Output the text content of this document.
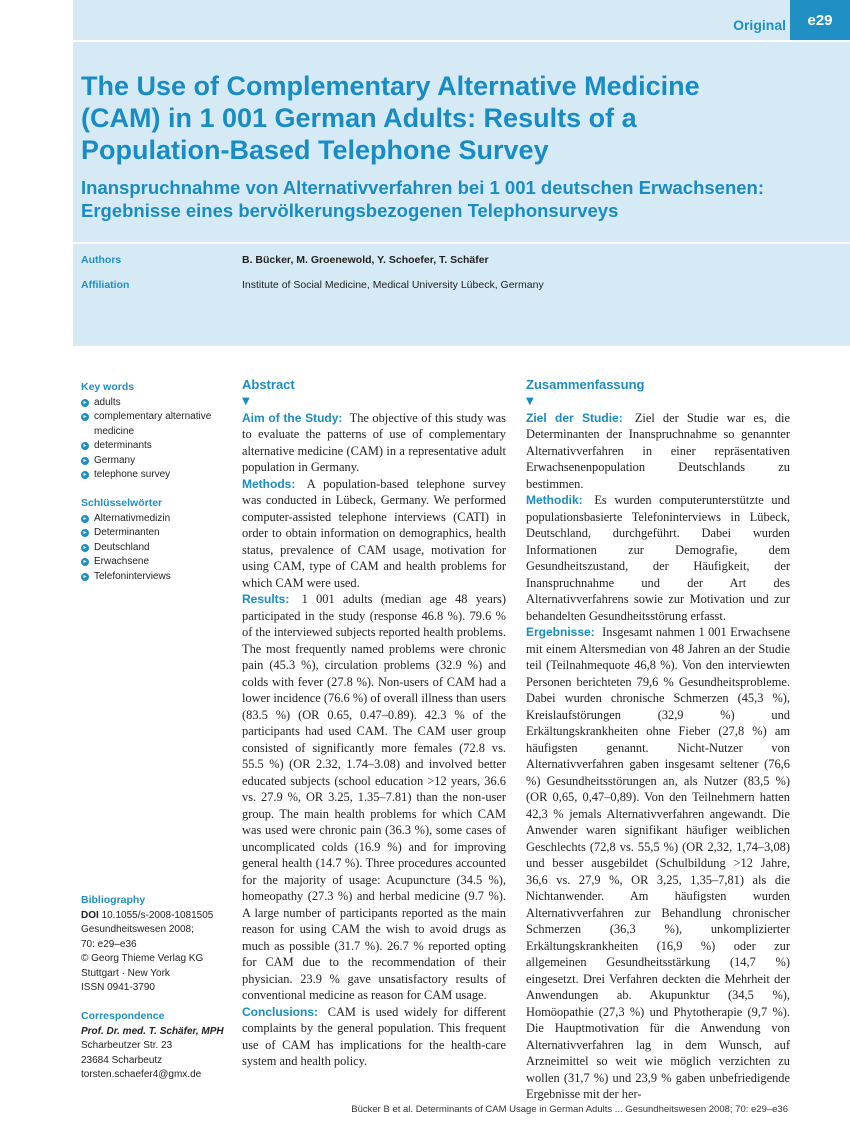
Original	e29
The Use of Complementary Alternative Medicine (CAM) in 1 001 German Adults: Results of a Population-Based Telephone Survey
Inanspruchnahme von Alternativverfahren bei 1 001 deutschen Erwachsenen: Ergebnisse eines bervölkerungsbezogenen Telephonsurveys
Authors	B. Bücker, M. Groenewold, Y. Schoefer, T. Schäfer
Affiliation	Institute of Social Medicine, Medical University Lübeck, Germany
Key words
▸ adults
▸ complementary alternative medicine
▸ determinants
▸ Germany
▸ telephone survey
Schlüsselwörter
▸ Alternativmedizin
▸ Determinanten
▸ Deutschland
▸ Erwachsene
▸ Telefoninterviews
Bibliography
DOI 10.1055/s-2008-1081505
Gesundheitswesen 2008;
70: e29–e36
© Georg Thieme Verlag KG
Stuttgart · New York
ISSN 0941-3790
Correspondence
Prof. Dr. med. T. Schäfer, MPH
Scharbeutzer Str. 23
23684 Scharbeutz
torsten.schaefer4@gmx.de
Abstract
▼

Aim of the Study: The objective of this study was to evaluate the patterns of use of complementary alternative medicine (CAM) in a representative adult population in Germany.

Methods: A population-based telephone survey was conducted in Lübeck, Germany. We performed computer-assisted telephone interviews (CATI) in order to obtain information on demographics, health status, prevalence of CAM usage, motivation for using CAM, type of CAM and health problems for which CAM were used.

Results: 1 001 adults (median age 48 years) participated in the study (response 46.8 %). 79.6 % of the interviewed subjects reported health problems. The most frequently named problems were chronic pain (45.3 %), circulation problems (32.9 %) and colds with fever (27.8 %). Non-users of CAM had a lower incidence (76.6 %) of overall illness than users (83.5 %) (OR 0.65, 0.47–0.89). 42.3 % of the participants had used CAM. The CAM user group consisted of significantly more females (72.8 vs. 55.5 %) (OR 2.32, 1.74–3.08) and involved better educated subjects (school education >12 years, 36.6 vs. 27.9 %, OR 3.25, 1.35–7.81) than the non-user group. The main health problems for which CAM was used were chronic pain (36.3 %), some cases of uncomplicated colds (16.9 %) and for improving general health (14.7 %). Three procedures accounted for the majority of usage: Acupuncture (34.5 %), homeopathy (27.3 %) and herbal medicine (9.7 %). A large number of participants reported as the main reason for using CAM the wish to avoid drugs as much as possible (31.7 %). 26.7 % reported opting for CAM due to the recommendation of their physician. 23.9 % gave unsatisfactory results of conventional medicine as reason for CAM usage.

Conclusions: CAM is used widely for different complaints by the general population. This frequent use of CAM has implications for the health-care system and health policy.

Zusammenfassung
▼

Ziel der Studie: Ziel der Studie war es, die Determinanten der Inanspruchnahme so genannter Alternativverfahren in einer repräsentativen Erwachsenenpopulation Deutschlands zu bestimmen.

Methodik: Es wurden computerunterstützte und populationsbasierte Telefoninterviews in Lübeck, Deutschland, durchgeführt. Dabei wurden Informationen zur Demografie, dem Gesundheitszustand, der Häufigkeit, der Inanspruchnahme und der Art des Alternativverfahrens sowie zur Motivation und zur behandelten Gesundheitsstörung erfasst.

Ergebnisse: Insgesamt nahmen 1 001 Erwachsene mit einem Altersmedian von 48 Jahren an der Studie teil (Teilnahmequote 46,8 %). Von den interviewten Personen berichteten 79,6 % Gesundheitsprobleme. Dabei wurden chronische Schmerzen (45,3 %), Kreislaufstörungen (32,9 %) und Erkältungskrankheiten ohne Fieber (27,8 %) am häufigsten genannt. Nicht-Nutzer von Alternativverfahren gaben insgesamt seltener (76,6 %) Gesundheitsstörungen an, als Nutzer (83,5 %) (OR 0,65, 0,47–0,89). Von den Teilnehmern hatten 42,3 % jemals Alternativverfahren angewandt. Die Anwender waren signifikant häufiger weiblichen Geschlechts (72,8 vs. 55,5 %) (OR 2,32, 1,74–3,08) und besser ausgebildet (Schulbildung >12 Jahre, 36,6 vs. 27,9 %, OR 3,25, 1,35–7,81) als die Nichtanwender. Am häufigsten wurden Alternativverfahren zur Behandlung chronischer Schmerzen (36,3 %), unkomplizierter Erkältungskrankheiten (16,9 %) oder zur allgemeinen Gesundheitsstärkung (14,7 %) eingesetzt. Drei Verfahren deckten die Mehrheit der Anwendungen ab. Akupunktur (34,5 %), Homöopathie (27,3 %) und Phytotherapie (9,7 %). Die Hauptmotivation für die Anwendung von Alternativverfahren lag in dem Wunsch, auf Arzneimittel so weit wie möglich verzichten zu wollen (31,7 %) und 23,9 % gaben unbefriedigende Ergebnisse mit der her-

Bücker B et al. Determinants of CAM Usage in German Adults ... Gesundheitswesen 2008; 70: e29–e36
